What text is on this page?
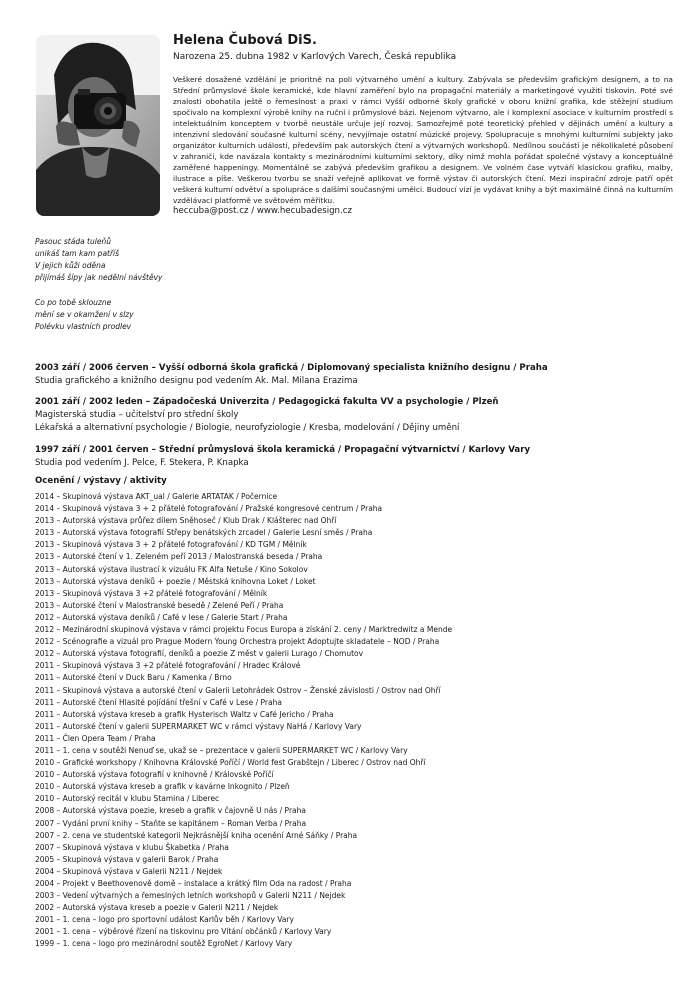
Helena Čubová DiS.

Narozena 25. dubna 1982 v Karlových Varech, Česká republika

Veškeré dosažené vzdělání je prioritně na poli výtvarného umění a kultury. Zabývala se především grafickým designem, a to na Střední průmyslové škole keramické, kde hlavní zaměření bylo na propagační materiály a marketingové využití tiskovin. Poté své znalosti obohatila ještě o řemeslnost a praxi v rámci Vyšší odborné školy grafické v oboru knižní grafika, kde stěžejní studium spočívalo na komplexní výrobě knihy na ruční i průmyslové bázi. Nejenom výtvarno, ale i komplexní asociace v kulturním prostředí s intelektuálním konceptem v tvorbě neustále určuje její rozvoj. Samozřejmě poté teoretický přehled v dějinách umění a kultury a intenzivní sledování současné kulturní scény, nevyjímaje ostatní múzické projevy. Spolupracuje s mnohými kulturními subjekty jako organizátor kulturních událostí, především pak autorských čtení a výtvarných workshopů. Nedílnou součástí je několikaleté působení v zahraničí, kde navázala kontakty s mezinárodními kulturními sektory, díky nimž mohla pořádat společné výstavy a konceptuálně zaměřené happeningy. Momentálně se zabývá především grafikou a designem. Ve volném čase vytváří klasickou grafiku, malby, ilustrace a píše. Veškerou tvorbu se snaží veřejně aplikovat ve formě výstav či autorských čtení. Mezi inspirační zdroje patří opět veškerá kulturní odvětví a spolupráce s dalšími současnými umělci. Budoucí vizí je vydávat knihy a být maximálně činná na kulturním vzdělávací platformě ve světovém měřítku.

heccuba@post.cz / www.hecubadesign.cz

Pasouc stáda tuleňů
unikáš tam kam patříš
V jejich kůži oděna
přijímáš šípy jak nedělní návštěvy
Co po tobě sklouzne
mění se v okamžení v slzy
Polévku vlastních prodlev
2003 září / 2006 červen – Vyšší odborná škola grafická / Diplomovaný specialista knižního designu / Praha
Studia grafického a knižního designu pod vedením Ak. Mal. Milana Erazima
2001 září / 2002 leden – Západočeská Univerzita / Pedagogická fakulta VV a psychologie / Plzeň
Magisterská studia – učitelství pro střední školy
Lékařská a alternativní psychologie / Biologie, neurofyziologie / Kresba, modelování / Dějiny umění
1997 září / 2001 červen – Střední průmyslová škola keramická / Propagační výtvarnictví / Karlovy Vary
Studia pod vedením J. Pelce, F. Stekera, P. Knapka
Ocenění / výstavy / aktivity
2014 – Skupinová výstava AKT_ual / Galerie ARTATAK / Počernice
2014 – Skupinová výstava 3 + 2 přátelé fotografování / Pražské kongresové centrum / Praha
2013 – Autorská výstava průřez dílem Sněhoseč / Klub Drak / Klášterec nad Ohří
2013 – Autorská výstava fotografií Střepy benátských zrcadel / Galerie Lesní směs / Praha
2013 – Skupinová výstava 3 + 2 přátelé fotografování / KD TGM / Mělník
2013 – Autorské čtení v 1. Zeleném peří 2013 / Malostranská beseda / Praha
2013 – Autorská výstava ilustrací k vizuálu FK Alfa Netuše / Kino Sokolov
2013 – Autorská výstava deníků + poezie / Městská knihovna Loket / Loket
2013 – Skupinová výstava 3 +2 přátelé fotografování / Mělník
2013 – Autorské čtení v Malostranské besedě / Zelené Peří / Praha
2012 – Autorská výstava deníků / Café v lese / Galerie Start / Praha
2012 – Mezinárodní skupinová výstava v rámci projektu Focus Europa a získání 2. ceny / Marktredwitz a Mende
2012 – Scénografie a vizuál pro Prague Modern Young Orchestra projekt Adoptujte skladatele – NOD / Praha
2012 – Autorská výstava fotografií, deníků a poezie Z měst v galerii Lurago / Chomutov
2011 – Skupinová výstava 3 +2 přátelé fotografování / Hradec Králové
2011 – Autorské čtení v Duck Baru / Kamenka / Brno
2011 – Skupinová výstava a autorské čtení v Galerii Letohrádek Ostrov – Ženské závislosti / Ostrov nad Ohří
2011 – Autorské čtení Hlasité pojídání třešní v Café v Lese / Praha
2011 – Autorská výstava kreseb a grafik Hysterisch Waltz v Café Jericho / Praha
2011 – Autorské čtení v galerii SUPERMARKET WC v rámci výstavy NaHá / Karlovy Vary
2011 – Člen Opera Team / Praha
2011 – 1. cena v soutěži Nenuď se, ukaž se – prezentace v galerii SUPERMARKET WC / Karlovy Vary
2010 – Grafické workshopy / Knihovna Královské Poříčí / World fest Grabštejn / Liberec / Ostrov nad Ohří
2010 – Autorská výstava fotografií v knihovně / Královské Poříčí
2010 – Autorská výstava kreseb a grafik v kavárne Inkognito / Plzeň
2010 – Autorský recitál v klubu Stamina / Liberec
2008 – Autorská výstava poezie, kreseb a grafik v čajovně U nás / Praha
2007 – Vydání první knihy – Staňte se kapitánem – Roman Verba / Praha
2007 – 2. cena ve studentské kategorii Nejkrásnější kniha ocenění Arné Sáňky / Praha
2007 – Skupinová výstava v klubu Škabetka / Praha
2005 – Skupinová výstava v galerii Barok / Praha
2004 – Skupinová výstava v Galerii N211 / Nejdek
2004 – Projekt v Beethovenově domě – instalace a krátký film Oda na radost / Praha
2003 – Vedení výtvarných a řemeslných letních workshopů v Galerii N211 / Nejdek
2002 – Autorská výstava kreseb a poezie v Galerii N211 / Nejdek
2001 – 1. cena – logo pro sportovní událost Karlův běh / Karlovy Vary
2001 – 1. cena – výběrové řízení na tiskovinu pro Vítání občánků / Karlovy Vary
1999 – 1. cena – logo pro mezinárodní soutěž EgroNet / Karlovy Vary
